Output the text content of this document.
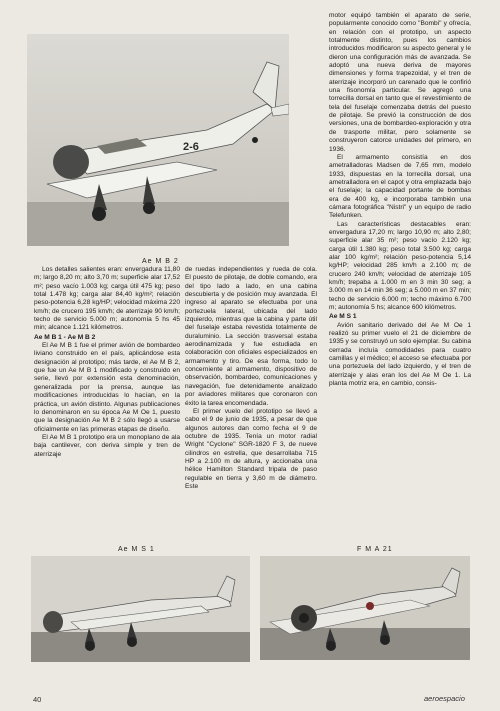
2-6
Ae M B 2

Los detalles salientes eran: envergadura 11,80 m; largo 8,20 m; alto 3,70 m; superficie alar 17,52 m²; peso vacío 1.003 kg; carga útil 475 kg; peso total 1.478 kg; carga alar 84,40 kg/m²; relación peso-potencia 6,28 kg/HP; velocidad máxima 220 km/h; de crucero 195 km/h; de aterrizaje 90 km/h; techo de servicio 5.000 m; autonomía 5 hs 45 min; alcance 1.121 kilómetros.

Ae M B 1 - Ae M B 2

El Ae M B 1 fue el primer avión de bombardeo liviano construido en el país, aplicándose esta designación al prototipo; más tarde, el Ae M B 2, que fue un Ae M B 1 modificado y construido en serie, llevó por extensión esta denominación, generalizada por la prensa, aunque las modificaciones introducidas lo hacían, en la práctica, un avión distinto. Algunas publicaciones lo denominaron en su época Ae M Oe 1, puesto que la designación Ae M B 2 sólo llegó a usarse oficialmente en las primeras etapas de diseño.

El Ae M B 1 prototipo era un monoplano de ala baja cantilever, con deriva simple y tren de aterrizaje

de ruedas independientes y rueda de cola. El puesto de pilotaje, de doble comando, era del tipo lado a lado, en una cabina descubierta y de posición muy avanzada. El ingreso al aparato se efectuaba por una portezuela lateral, ubicada del lado izquierdo, mientras que la cabina y parte útil del fuselaje estaba revestida totalmente de duraluminio. La sección trasversal estaba aerodinamizada y fue estudiada en colaboración con oficiales especializados en armamento y tiro. De esa forma, todo lo concerniente al armamento, dispositivo de observación, bombardeo, comunicaciones y navegación, fue detenidamente analizado por aviadores militares que coronaron con éxito la tarea encomendada.

El primer vuelo del prototipo se llevó a cabo el 9 de junio de 1935, a pesar de que algunos autores dan como fecha el 9 de octubre de 1935. Tenía un motor radial Wright "Cyclone" SGR-1820 F 3, de nueve cilindros en estrella, que desarrollaba 715 HP a 2.100 m de altura, y accionaba una hélice Hamilton Standard tripala de paso regulable en tierra y 3,60 m de diámetro. Este

motor equipó también el aparato de serie, popularmente conocido como "Bombi" y ofrecía, en relación con el prototipo, un aspecto totalmente distinto, pues los cambios introducidos modificaron su aspecto general y le dieron una configuración más de avanzada. Se adoptó una nueva deriva de mayores dimensiones y forma trapezoidal, y el tren de aterrizaje incorporó un carenado que le confirió una fisonomía particular. Se agregó una torrecilla dorsal en tanto que el revestimiento de tela del fuselaje comenzaba detrás del puesto de pilotaje. Se previó la construcción de dos versiones, una de bombardeo-exploración y otra de trasporte militar, pero solamente se construyeron catorce unidades del primero, en 1936.

El armamento consistía en dos ametralladoras Madsen de 7,65 mm, modelo 1933, dispuestas en la torrecilla dorsal, una ametralladora en el capot y otra emplazada bajo el fuselaje; la capacidad portante de bombas era de 400 kg, e incorporaba también una cámara fotográfica "Nistri" y un equipo de radio Telefunken.

Las características destacables eran: envergadura 17,20 m; largo 10,90 m; alto 2,80; superficie alar 35 m²; peso vacío 2.120 kg; carga útil 1.380 kg; peso total 3.500 kg; carga alar 100 kg/m²; relación peso-potencia 5,14 kg/HP; velocidad 285 km/h a 2.100 m; de crucero 240 km/h; velocidad de aterrizaje 105 km/h; trepaba a 1.000 m en 3 min 30 seg; a 3.000 m en 14 min 36 seg; a 5.000 m en 37 min; techo de servicio 6.000 m; techo máximo 6.700 m; autonomía 5 hs; alcance 600 kilómetros.

Ae M S 1

Avión sanitario derivado del Ae M Oe 1 realizó su primer vuelo el 21 de diciembre de 1935 y se construyó un solo ejemplar. Su cabina cerrada incluía comodidades para cuatro camillas y el médico; el acceso se efectuaba por una portezuela del lado izquierdo, y el tren de aterrizaje y alas eran los del Ae M Oe 1. La planta motriz era, en cambio, consis-

Ae M S 1	F M A 21
40	aeroespacio
